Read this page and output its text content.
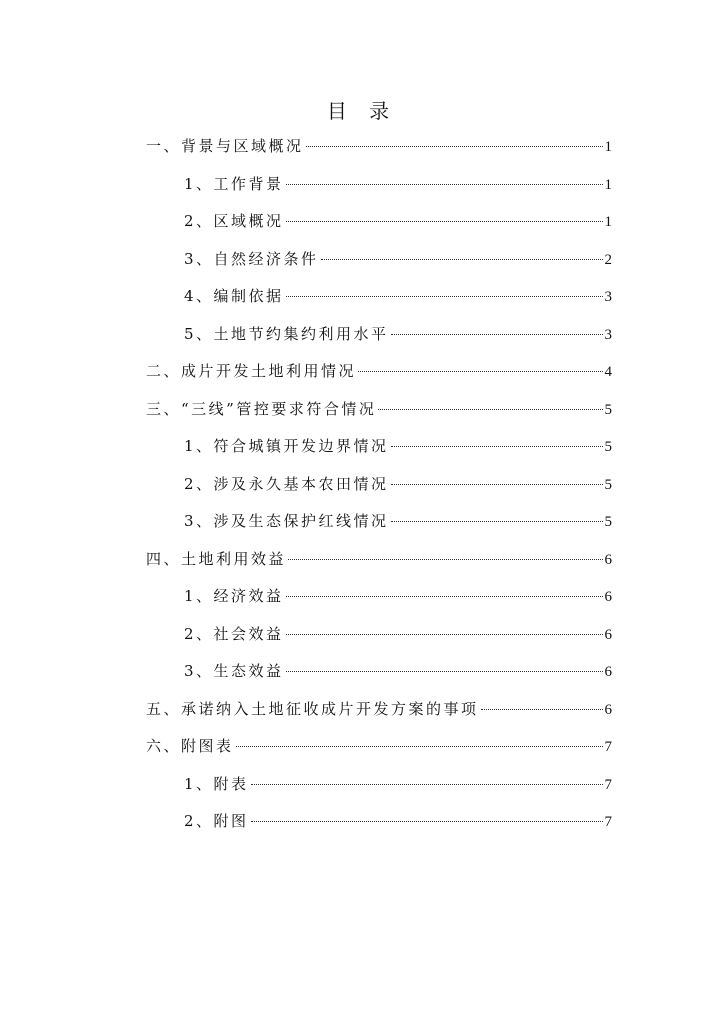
目 录
一、背景与区域概况	1
1、工作背景	1
2、区域概况	1
3、自然经济条件	2
4、编制依据	3
5、土地节约集约利用水平	3
二、成片开发土地利用情况	4
三、“三线”管控要求符合情况	5
1、符合城镇开发边界情况	5
2、涉及永久基本农田情况	5
3、涉及生态保护红线情况	5
四、土地利用效益	6
1、经济效益	6
2、社会效益	6
3、生态效益	6
五、承诺纳入土地征收成片开发方案的事项	6
六、附图表	7
1、附表	7
2、附图	7
